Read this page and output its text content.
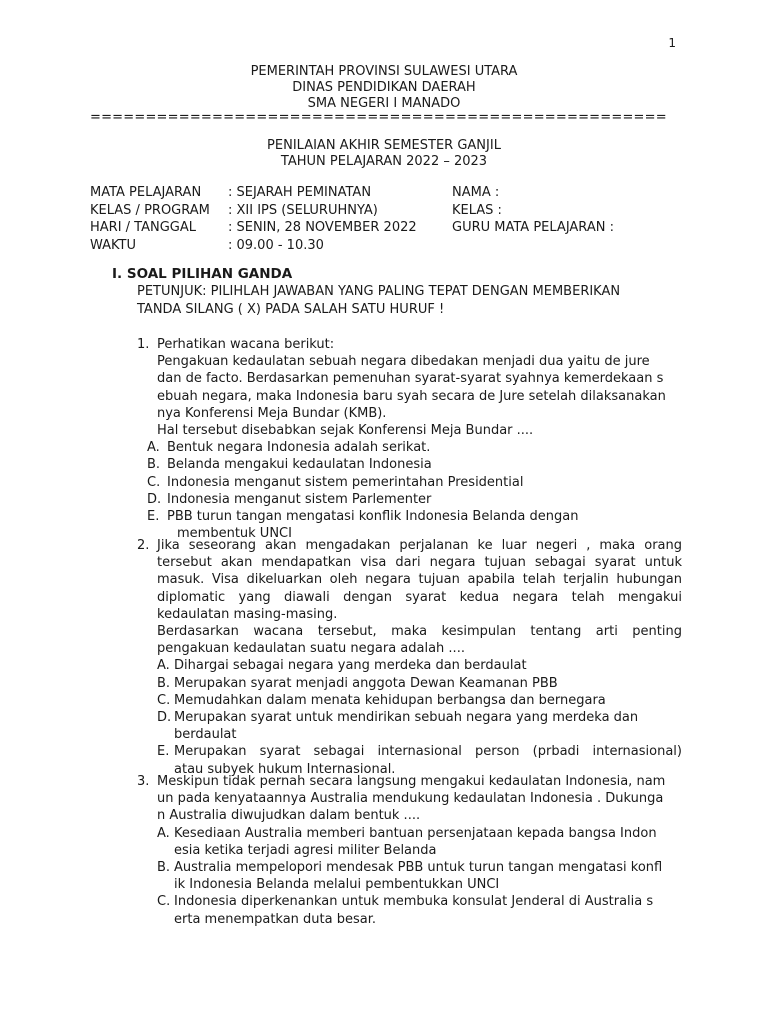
1
PEMERINTAH PROVINSI SULAWESI UTARA
DINAS PENDIDIKAN DAERAH
SMA NEGERI I MANADO
====================================================
PENILAIAN AKHIR SEMESTER GANJIL
TAHUN PELAJARAN 2022 – 2023
MATA PELAJARAN : SEJARAH PEMINATAN	NAMA :
KELAS / PROGRAM : XII IPS (SELURUHNYA)	KELAS :
HARI / TANGGAL : SENIN, 28 NOVEMBER 2022	GURU MATA PELAJARAN :
WAKTU	: 09.00 - 10.30
I. SOAL PILIHAN GANDA
PETUNJUK: PILIHLAH JAWABAN YANG PALING TEPAT DENGAN MEMBERIKAN
TANDA SILANG ( X) PADA SALAH SATU HURUF !
1. Perhatikan wacana berikut:
Pengakuan kedaulatan sebuah negara dibedakan menjadi dua yaitu de jure
dan de facto. Berdasarkan pemenuhan syarat-syarat syahnya kemerdekaan s
ebuah negara, maka Indonesia baru syah secara de Jure setelah dilaksanakan
nya Konferensi Meja Bundar (KMB).
Hal tersebut disebabkan sejak Konferensi Meja Bundar ....
A. Bentuk negara Indonesia adalah serikat.
B. Belanda mengakui kedaulatan Indonesia
C. Indonesia menganut sistem pemerintahan Presidential
D. Indonesia menganut sistem Parlementer
E. PBB turun tangan mengatasi konflik Indonesia Belanda dengan
membentuk UNCI
2. Jika seseorang akan mengadakan perjalanan ke luar negeri , maka orang
tersebut akan mendapatkan visa dari negara tujuan sebagai syarat untuk
masuk. Visa dikeluarkan oleh negara tujuan apabila telah terjalin hubungan
diplomatic yang diawali dengan syarat kedua negara telah mengakui
kedaulatan masing-masing.
Berdasarkan wacana tersebut, maka kesimpulan tentang arti penting
pengakuan kedaulatan suatu negara adalah ....
A. Dihargai sebagai negara yang merdeka dan berdaulat
B. Merupakan syarat menjadi anggota Dewan Keamanan PBB
C. Memudahkan dalam menata kehidupan berbangsa dan bernegara
D. Merupakan syarat untuk mendirikan sebuah negara yang merdeka dan
berdaulat
E. Merupakan syarat sebagai internasional person (prbadi internasional)
atau subyek hukum Internasional.
3. Meskipun tidak pernah secara langsung mengakui kedaulatan Indonesia, nam
un pada kenyataannya Australia mendukung kedaulatan Indonesia . Dukunga
n Australia diwujudkan dalam bentuk ....
A. Kesediaan Australia memberi bantuan persenjataan kepada bangsa Indon
esia ketika terjadi agresi militer Belanda
B. Australia mempelopori mendesak PBB untuk turun tangan mengatasi konfl
ik Indonesia Belanda melalui pembentukkan UNCI
C. Indonesia diperkenankan untuk membuka konsulat Jenderal di Australia s
erta menempatkan duta besar.
